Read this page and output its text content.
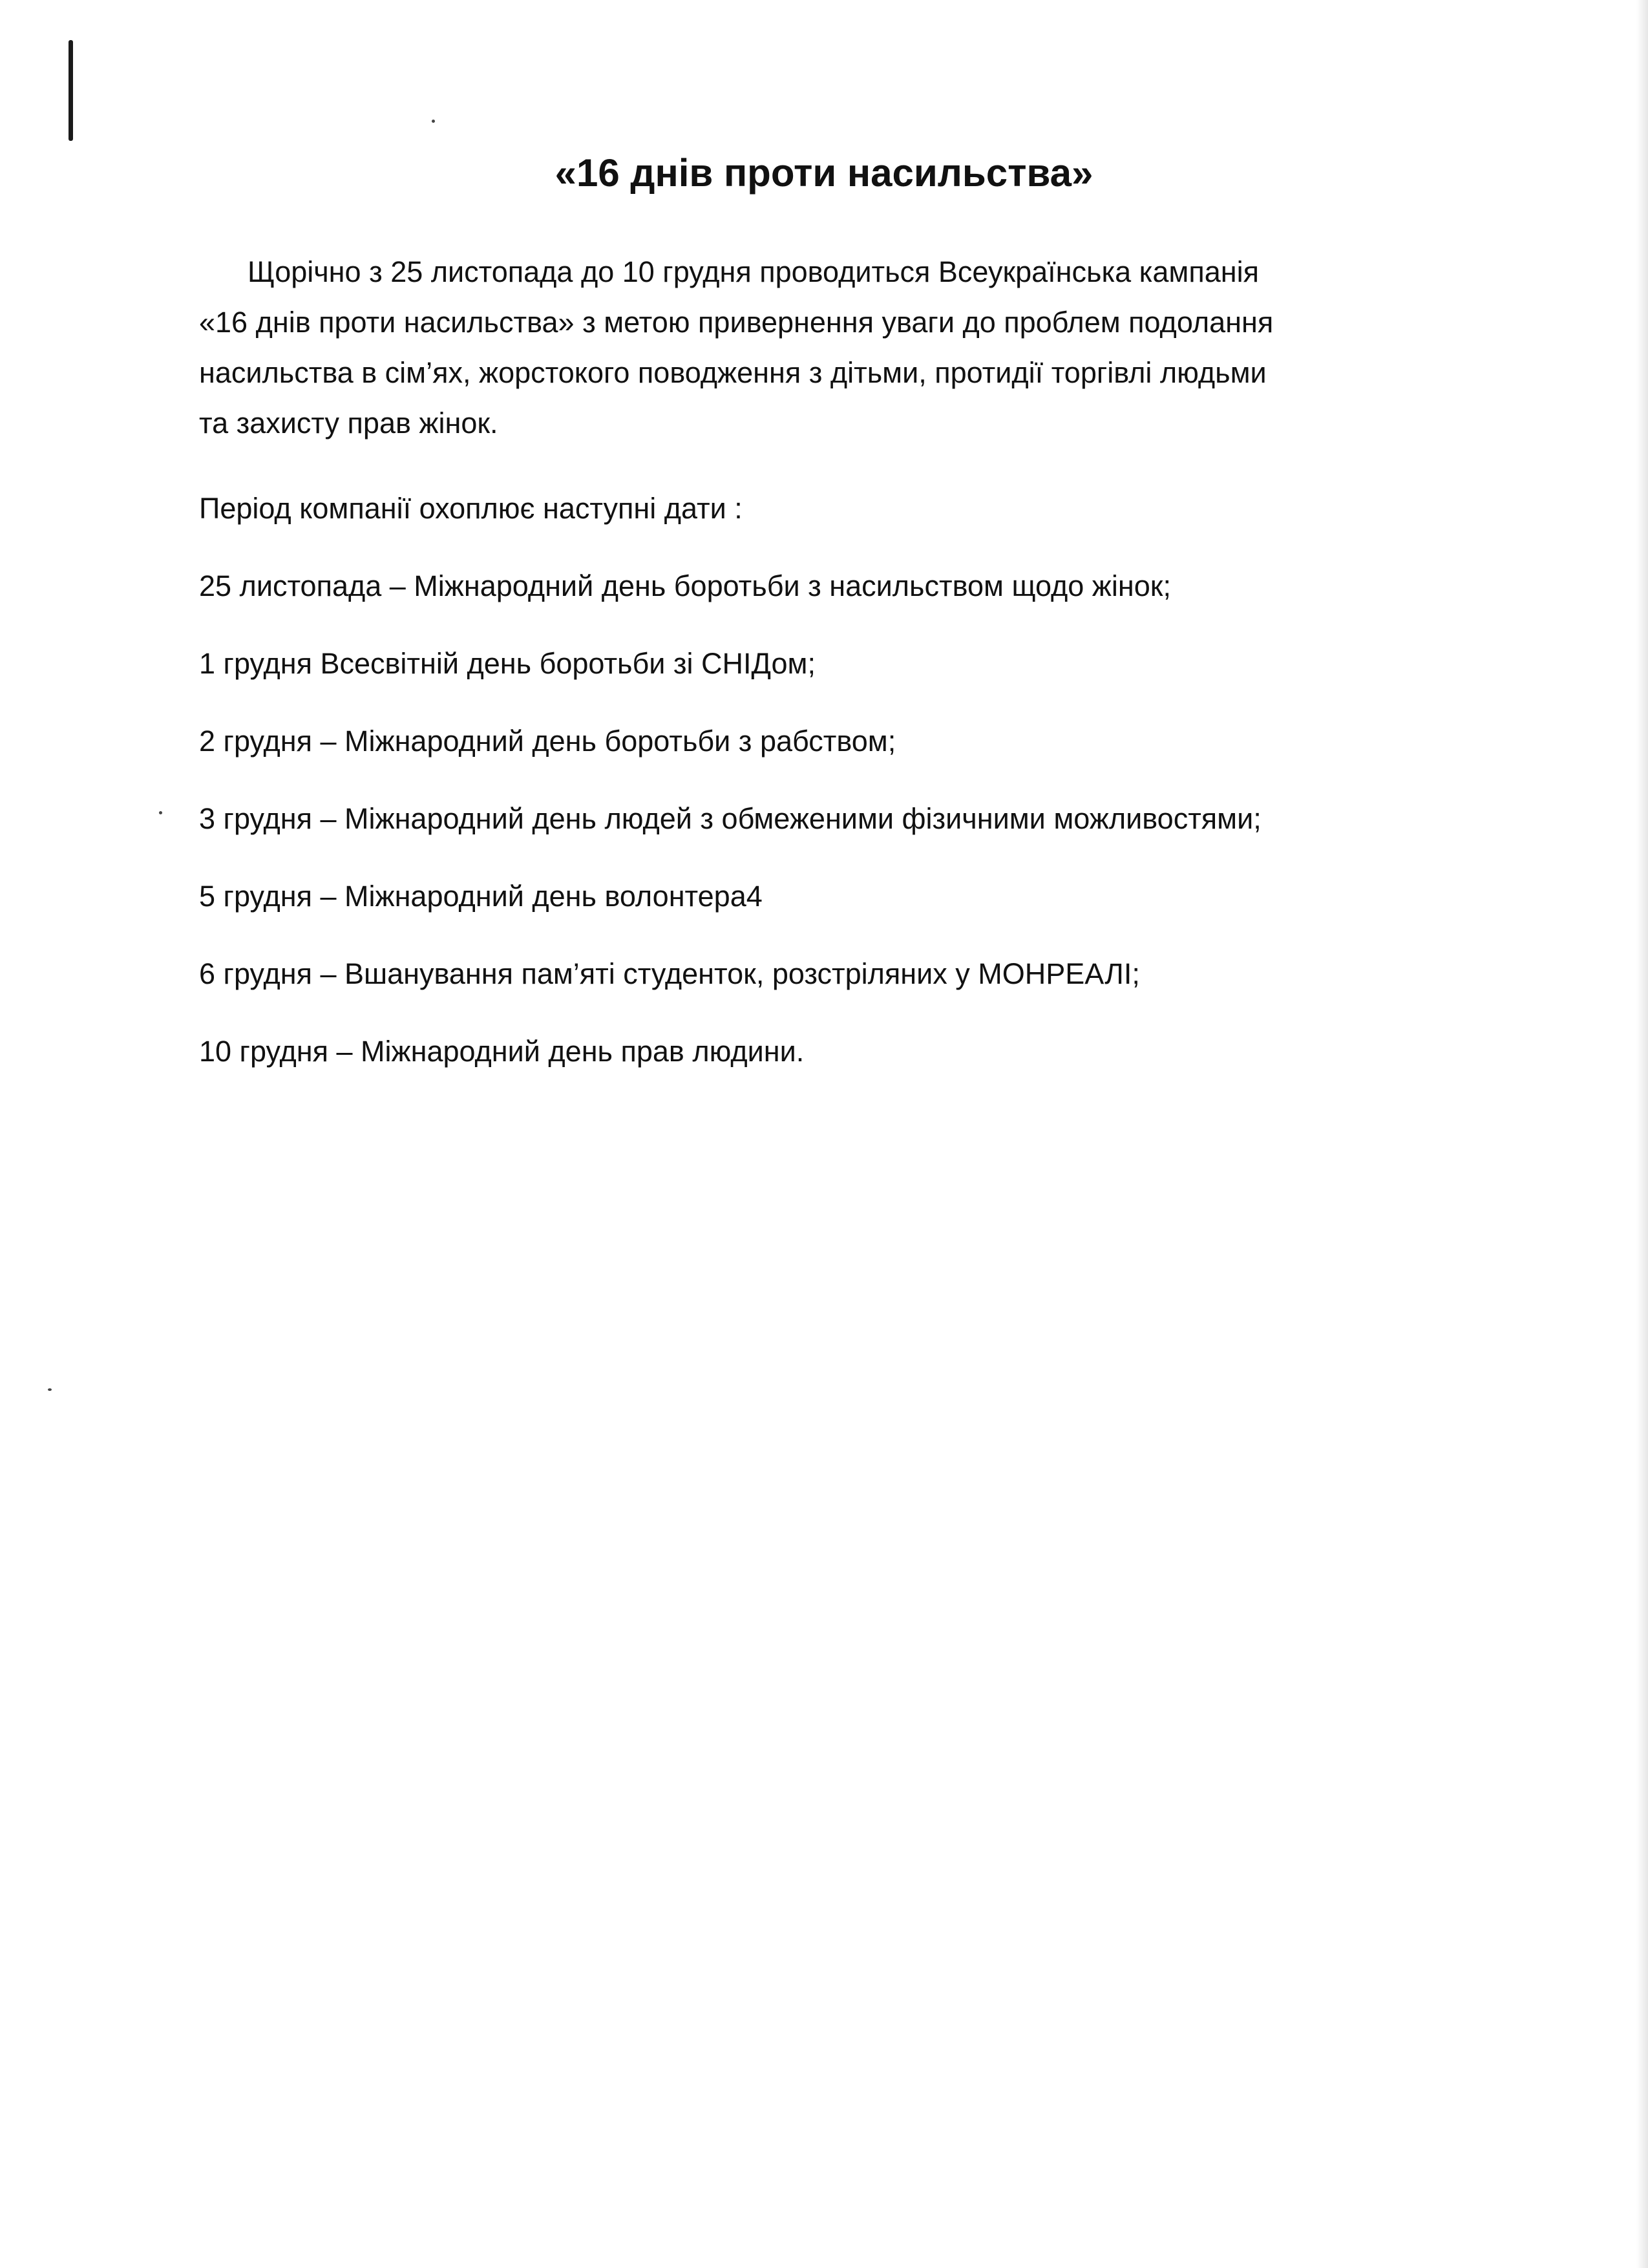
«16 днів проти насильства»
Щорічно з 25 листопада до 10 грудня проводиться Всеукраїнська кампанія
«16 днів проти насильства» з метою привернення уваги до проблем подолання
насильства в сім’ях, жорстокого поводження з дітьми, протидії торгівлі людьми
та захисту прав жінок.

Період компанії охоплює наступні дати :

25 листопада – Міжнародний день боротьби з насильством щодо жінок;
1 грудня Всесвітній день боротьби зі СНІДом;
2 грудня – Міжнародний день боротьби з рабством;
3 грудня – Міжнародний день людей з обмеженими фізичними можливостями;
5 грудня – Міжнародний день волонтера4
6 грудня – Вшанування пам’яті студенток, розстріляних у МОНРЕАЛІ;
10 грудня – Міжнародний день прав людини.
